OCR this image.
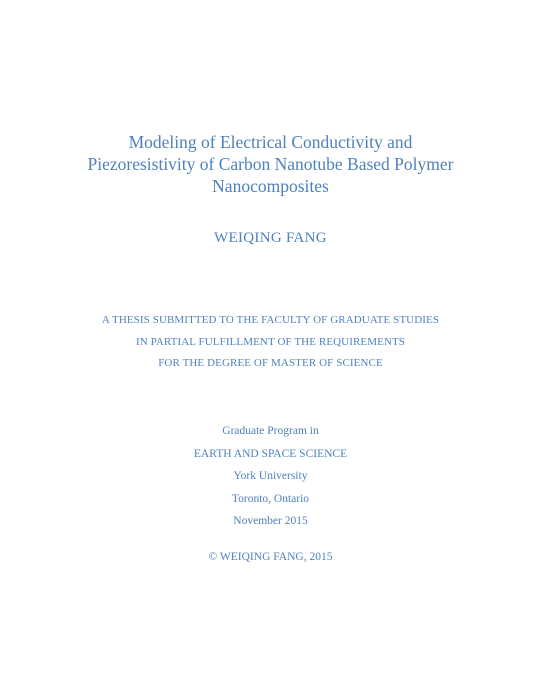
Modeling of Electrical Conductivity and
Piezoresistivity of Carbon Nanotube Based Polymer
Nanocomposites
WEIQING FANG
A THESIS SUBMITTED TO THE FACULTY OF GRADUATE STUDIES
IN PARTIAL FULFILLMENT OF THE REQUIREMENTS
FOR THE DEGREE OF MASTER OF SCIENCE
Graduate Program in
EARTH AND SPACE SCIENCE
York University
Toronto, Ontario
November 2015
© WEIQING FANG, 2015
